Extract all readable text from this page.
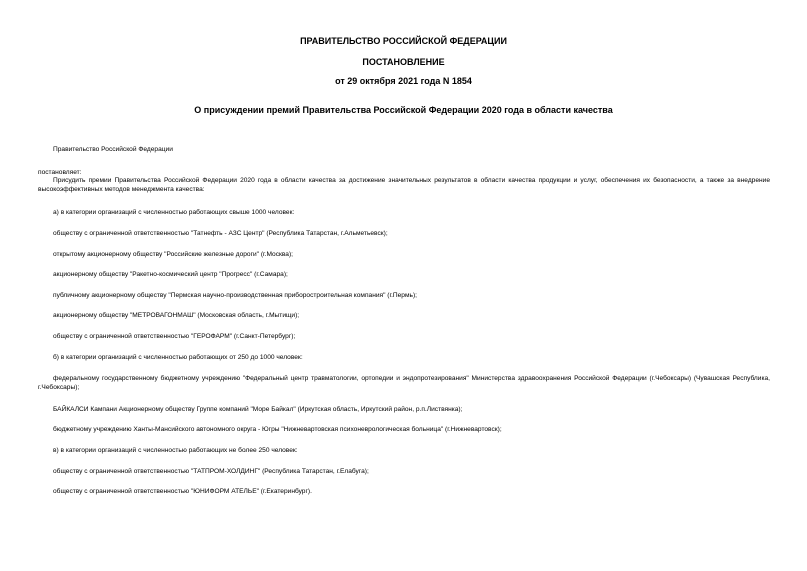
ПРАВИТЕЛЬСТВО РОССИЙСКОЙ ФЕДЕРАЦИИ
ПОСТАНОВЛЕНИЕ
от 29 октября 2021 года N 1854
О присуждении премий Правительства Российской Федерации 2020 года в области качества
Правительство Российской Федерации
постановляет:
Присудить премии Правительства Российской Федерации 2020 года в области качества за достижение значительных результатов в области качества продукции и услуг, обеспечения их безопасности, а также за внедрение высокоэффективных методов менеджмента качества:
а) в категории организаций с численностью работающих свыше 1000 человек:
обществу с ограниченной ответственностью "Татнефть - АЗС Центр" (Республика Татарстан, г.Альметьевск);
открытому акционерному обществу "Российские железные дороги" (г.Москва);
акционерному обществу "Ракетно-космический центр "Прогресс" (г.Самара);
публичному акционерному обществу "Пермская научно-производственная приборостроительная компания" (г.Пермь);
акционерному обществу "МЕТРОВАГОНМАШ" (Московская область, г.Мытищи);
обществу с ограниченной ответственностью "ГЕРОФАРМ" (г.Санкт-Петербург);
б) в категории организаций с численностью работающих от 250 до 1000 человек:
федеральному государственному бюджетному учреждению "Федеральный центр травматологии, ортопедии и эндопротезирования" Министерства здравоохранения Российской Федерации (г.Чебоксары) (Чувашская Республика, г.Чебоксары);
БАЙКАЛСИ Кампани Акционерному обществу Группе компаний "Море Байкал" (Иркутская область, Иркутский район, р.п.Листвянка);
бюджетному учреждению Ханты-Мансийского автономного округа - Югры "Нижневартовская психоневрологическая больница" (г.Нижневартовск);
в) в категории организаций с численностью работающих не более 250 человек:
обществу с ограниченной ответственностью "ТАТПРОМ-ХОЛДИНГ" (Республика Татарстан, г.Елабуга);
обществу с ограниченной ответственностью "ЮНИФОРМ АТЕЛЬЕ" (г.Екатеринбург).
